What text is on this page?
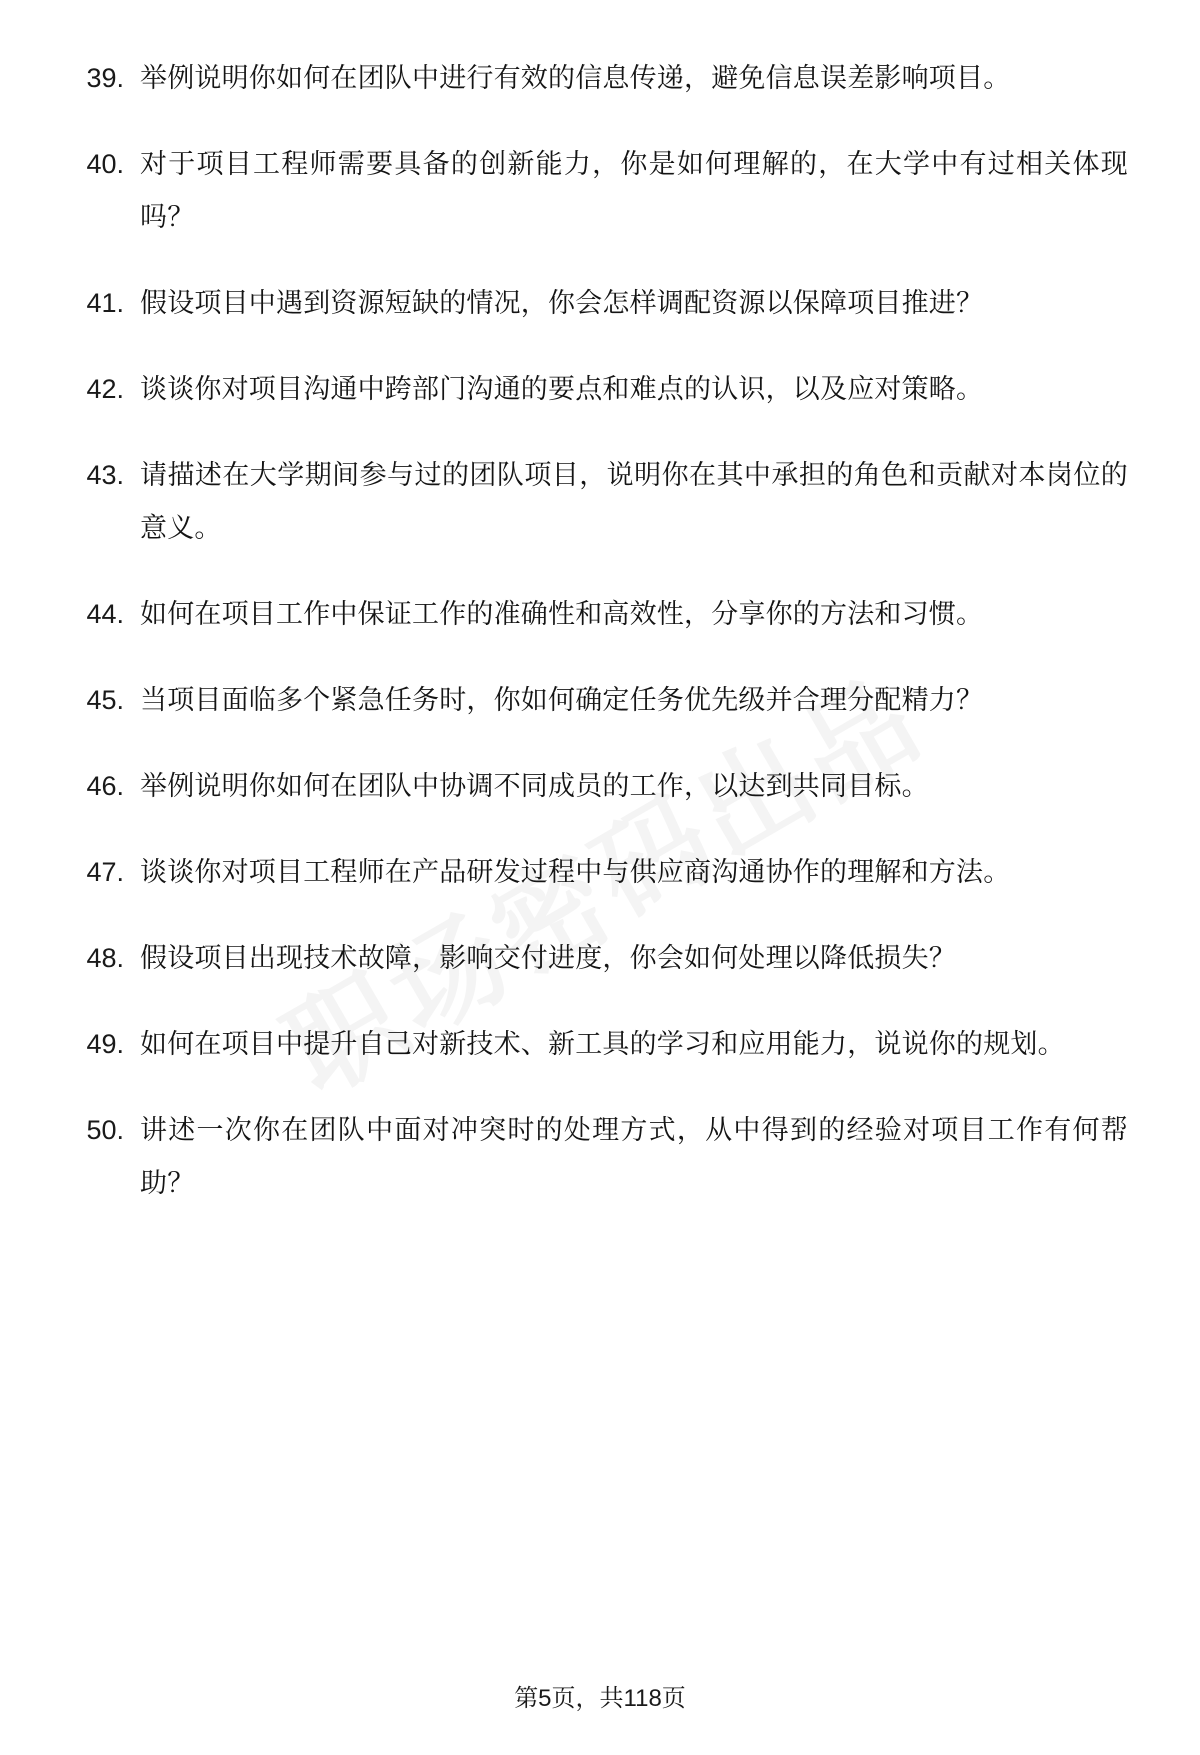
39. 举例说明你如何在团队中进行有效的信息传递，避免信息误差影响项目。
40. 对于项目工程师需要具备的创新能力，你是如何理解的，在大学中有过相关体现吗？
41. 假设项目中遇到资源短缺的情况，你会怎样调配资源以保障项目推进？
42. 谈谈你对项目沟通中跨部门沟通的要点和难点的认识，以及应对策略。
43. 请描述在大学期间参与过的团队项目，说明你在其中承担的角色和贡献对本岗位的意义。
44. 如何在项目工作中保证工作的准确性和高效性，分享你的方法和习惯。
45. 当项目面临多个紧急任务时，你如何确定任务优先级并合理分配精力？
46. 举例说明你如何在团队中协调不同成员的工作，以达到共同目标。
47. 谈谈你对项目工程师在产品研发过程中与供应商沟通协作的理解和方法。
48. 假设项目出现技术故障，影响交付进度，你会如何处理以降低损失？
49. 如何在项目中提升自己对新技术、新工具的学习和应用能力，说说你的规划。
50. 讲述一次你在团队中面对冲突时的处理方式，从中得到的经验对项目工作有何帮助？
第5页，共118页
